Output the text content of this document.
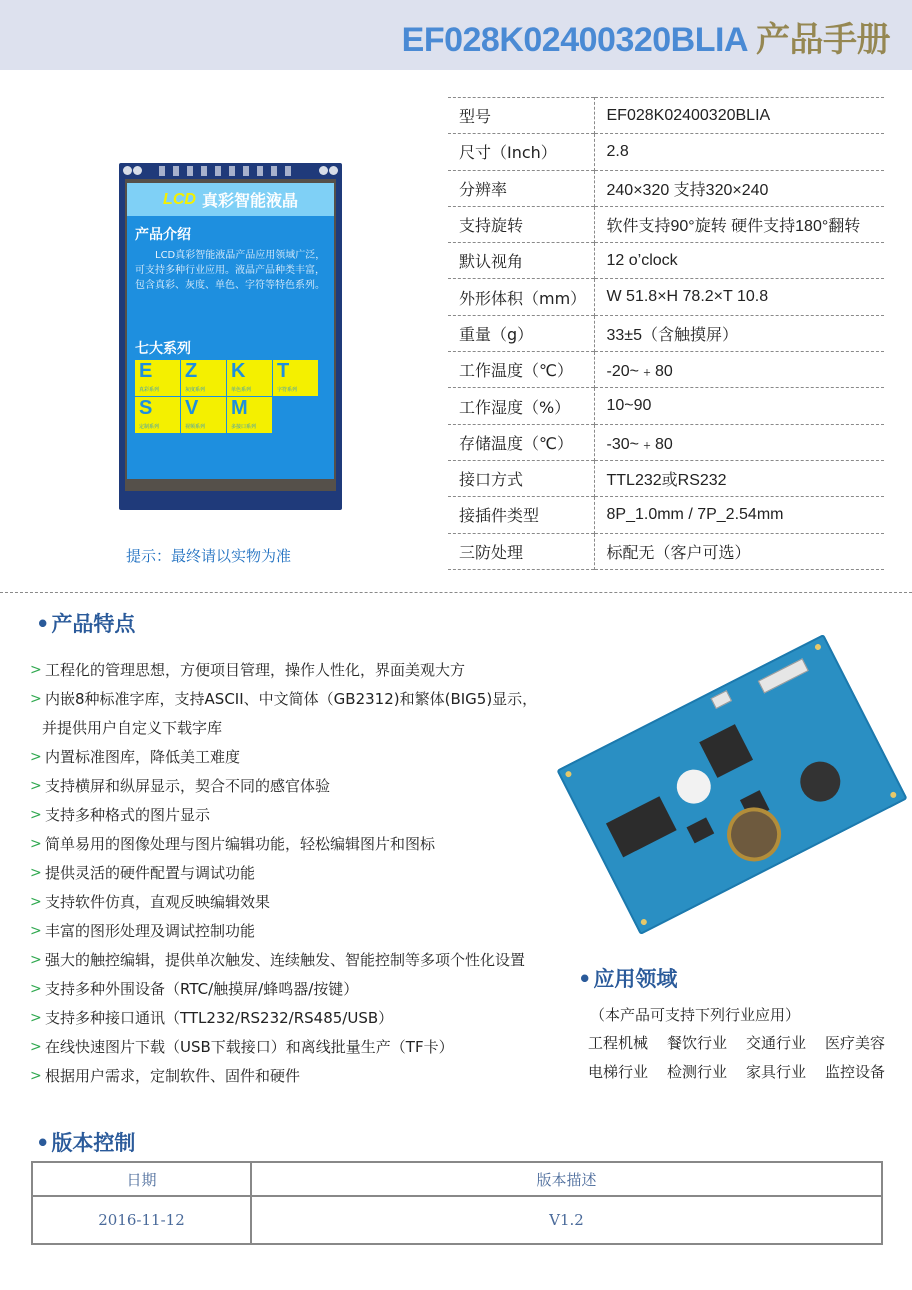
EF028K02400320BLIA 产品手册
LCD 真彩智能液晶
产品介绍
LCD真彩智能液晶产品应用领域广泛，可支持多种行业应用。液晶产品种类丰富，包含真彩、灰度、单色、字符等特色系列。
七大系列
E
真彩系列
Z
灰度系列
K
单色系列
T
字符系列
S
定制系列
V
视频系列
M
多接口系列
提示：最终请以实物为准
型号	EF028K02400320BLIA
尺寸（Inch）	2.8
分辨率	240×320 支持320×240
支持旋转	软件支持90°旋转 硬件支持180°翻转
默认视角	12 o’clock
外形体积（mm）	W 51.8×H 78.2×T 10.8
重量（g）	33±5（含触摸屏）
工作温度（℃）	-20~﹢80
工作湿度（%）	10~90
存储温度（℃）	-30~﹢80
接口方式	TTL232或RS232
接插件类型	8P_1.0mm / 7P_2.54mm
三防处理	标配无（客户可选）
•产品特点
> 工程化的管理思想，方便项目管理，操作人性化，界面美观大方
> 内嵌8种标准字库，支持ASCII、中文简体（GB2312)和繁体(BIG5)显示，
并提供用户自定义下载字库
> 内置标准图库，降低美工难度
> 支持横屏和纵屏显示，契合不同的感官体验
> 支持多种格式的图片显示
> 简单易用的图像处理与图片编辑功能，轻松编辑图片和图标
> 提供灵活的硬件配置与调试功能
> 支持软件仿真，直观反映编辑效果
> 丰富的图形处理及调试控制功能
> 强大的触控编辑，提供单次触发、连续触发、智能控制等多项个性化设置
> 支持多种外围设备（RTC/触摸屏/蜂鸣器/按键）
> 支持多种接口通讯（TTL232/RS232/RS485/USB）
> 在线快速图片下载（USB下载接口）和离线批量生产（TF卡）
> 根据用户需求，定制软件、固件和硬件
•应用领域
（本产品可支持下列行业应用）
工程机械	餐饮行业	交通行业	医疗美容
电梯行业	检测行业	家具行业	监控设备
•版本控制
日期	版本描述
2016-11-12	V1.2
